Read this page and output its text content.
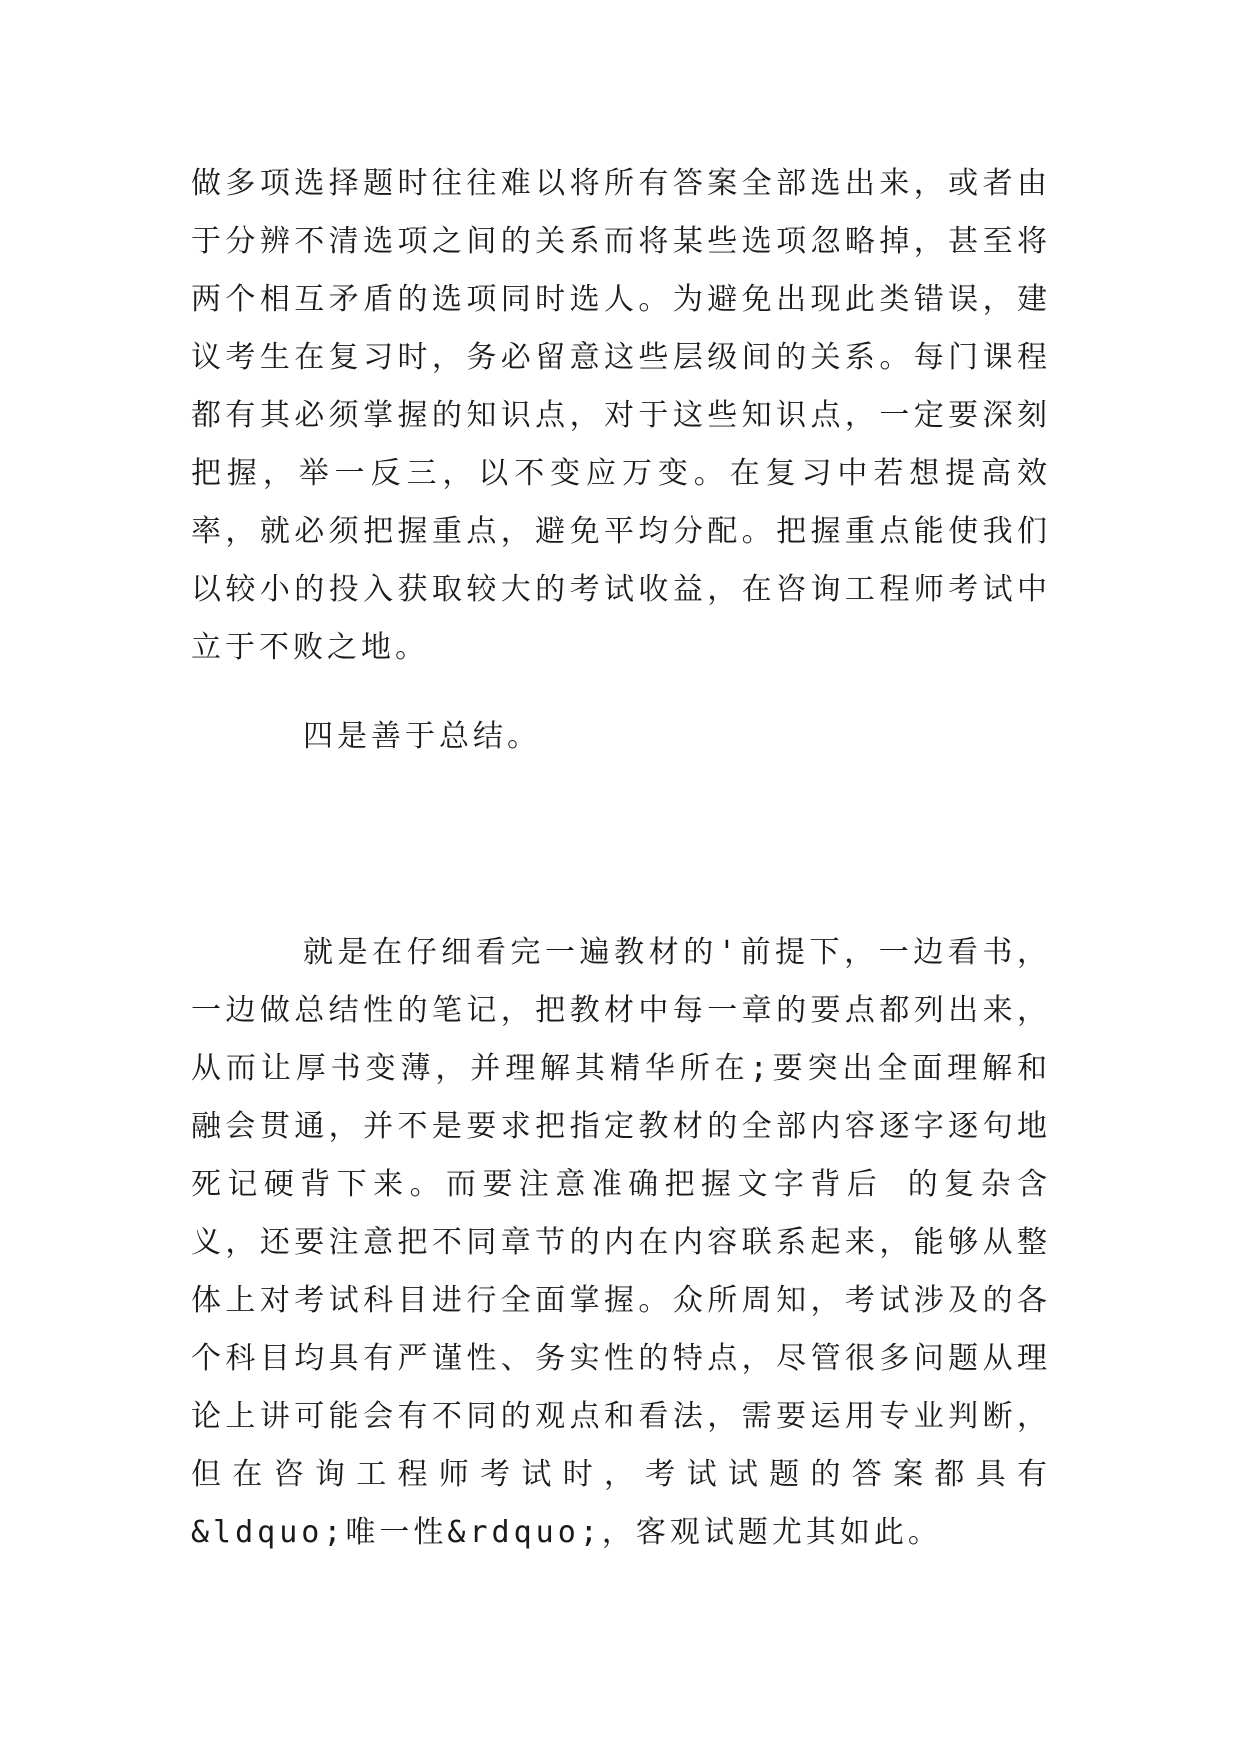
做多项选择题时往往难以将所有答案全部选出来，或者由于分辨不清选项之间的关系而将某些选项忽略掉，甚至将两个相互矛盾的选项同时选人。为避免出现此类错误，建议考生在复习时，务必留意这些层级间的关系。每门课程都有其必须掌握的知识点，对于这些知识点，一定要深刻把握，举一反三，以不变应万变。在复习中若想提高效率，就必须把握重点，避免平均分配。把握重点能使我们以较小的投入获取较大的考试收益，在咨询工程师考试中立于不败之地。

四是善于总结。

就是在仔细看完一遍教材的'前提下，一边看书，一边做总结性的笔记，把教材中每一章的要点都列出来，从而让厚书变薄，并理解其精华所在;要突出全面理解和融会贯通，并不是要求把指定教材的全部内容逐字逐句地死记硬背下来。而要注意准确把握文字背后 的复杂含义，还要注意把不同章节的内在内容联系起来，能够从整体上对考试科目进行全面掌握。众所周知，考试涉及的各个科目均具有严谨性、务实性的特点，尽管很多问题从理论上讲可能会有不同的观点和看法，需要运用专业判断，但在咨询工程师考试时，考试试题的答案都具有&ldquo;唯一性&rdquo;，客观试题尤其如此。
